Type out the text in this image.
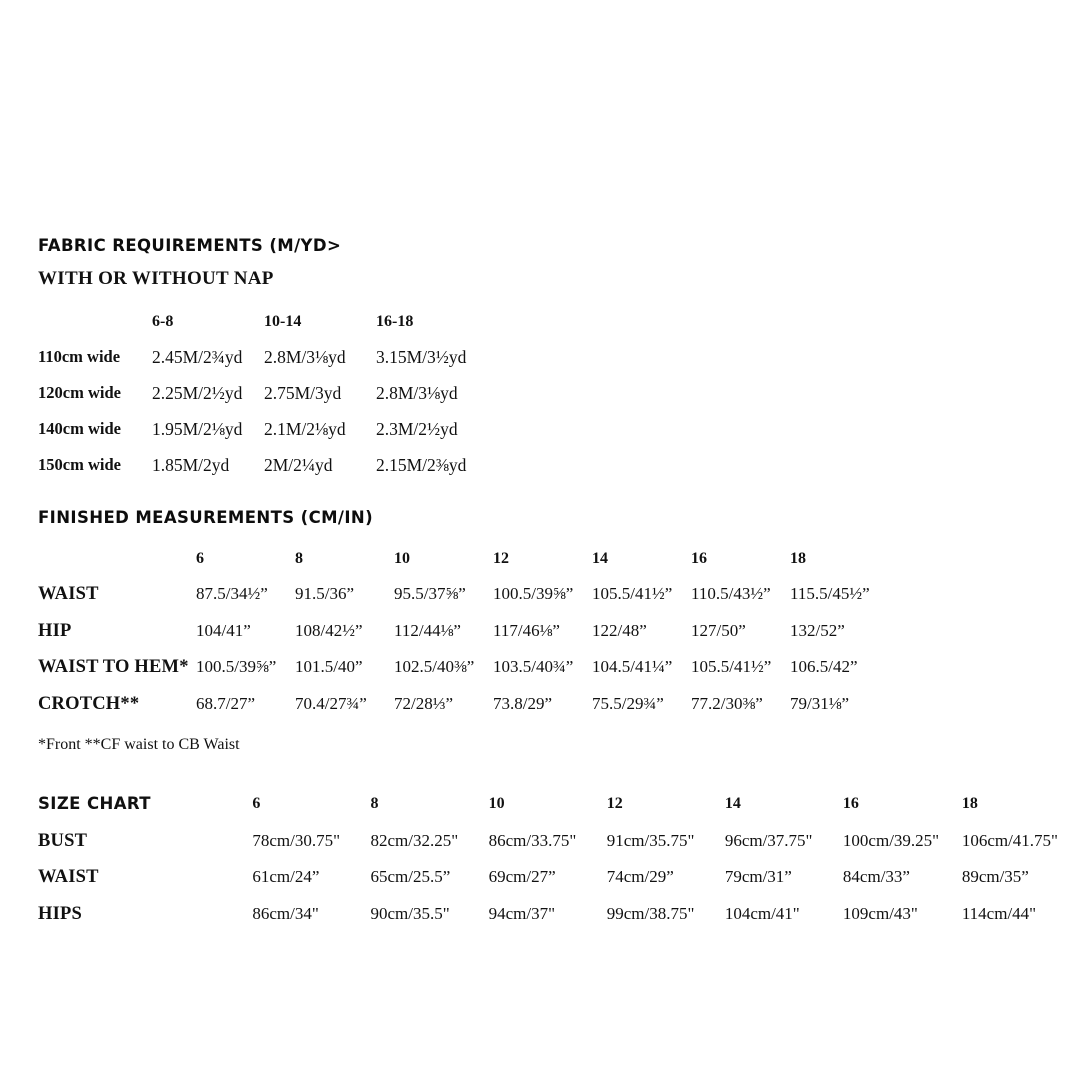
FABRIC REQUIREMENTS (M/YD>
WITH OR WITHOUT NAP
	6-8	10-14	16-18
110cm wide	2.45M/2¾yd	2.8M/3⅛yd	3.15M/3½yd
120cm wide	2.25M/2½yd	2.75M/3yd	2.8M/3⅛yd
140cm wide	1.95M/2⅛yd	2.1M/2⅛yd	2.3M/2½yd
150cm wide	1.85M/2yd	2M/2¼yd	2.15M/2⅜yd
FINISHED MEASUREMENTS (CM/IN)
	6	8	10	12	14	16	18
WAIST	87.5/34½”	91.5/36”	95.5/37⅝”	100.5/39⅝”	105.5/41½”	110.5/43½”	115.5/45½”
HIP	104/41”	108/42½”	112/44⅛”	117/46⅛”	122/48”	127/50”	132/52”
WAIST TO HEM*	100.5/39⅝”	101.5/40”	102.5/40⅜”	103.5/40¾”	104.5/41¼”	105.5/41½”	106.5/42”
CROTCH**	68.7/27”	70.4/27¾”	72/28⅓”	73.8/29”	75.5/29¾”	77.2/30⅜”	79/31⅛”
*Front **CF waist to CB Waist
SIZE CHART	6	8	10	12	14	16	18
BUST	78cm/30.75"	82cm/32.25"	86cm/33.75"	91cm/35.75"	96cm/37.75"	100cm/39.25"	106cm/41.75"
WAIST	61cm/24”	65cm/25.5”	69cm/27”	74cm/29”	79cm/31”	84cm/33”	89cm/35”
HIPS	86cm/34"	90cm/35.5"	94cm/37"	99cm/38.75"	104cm/41"	109cm/43"	114cm/44"
